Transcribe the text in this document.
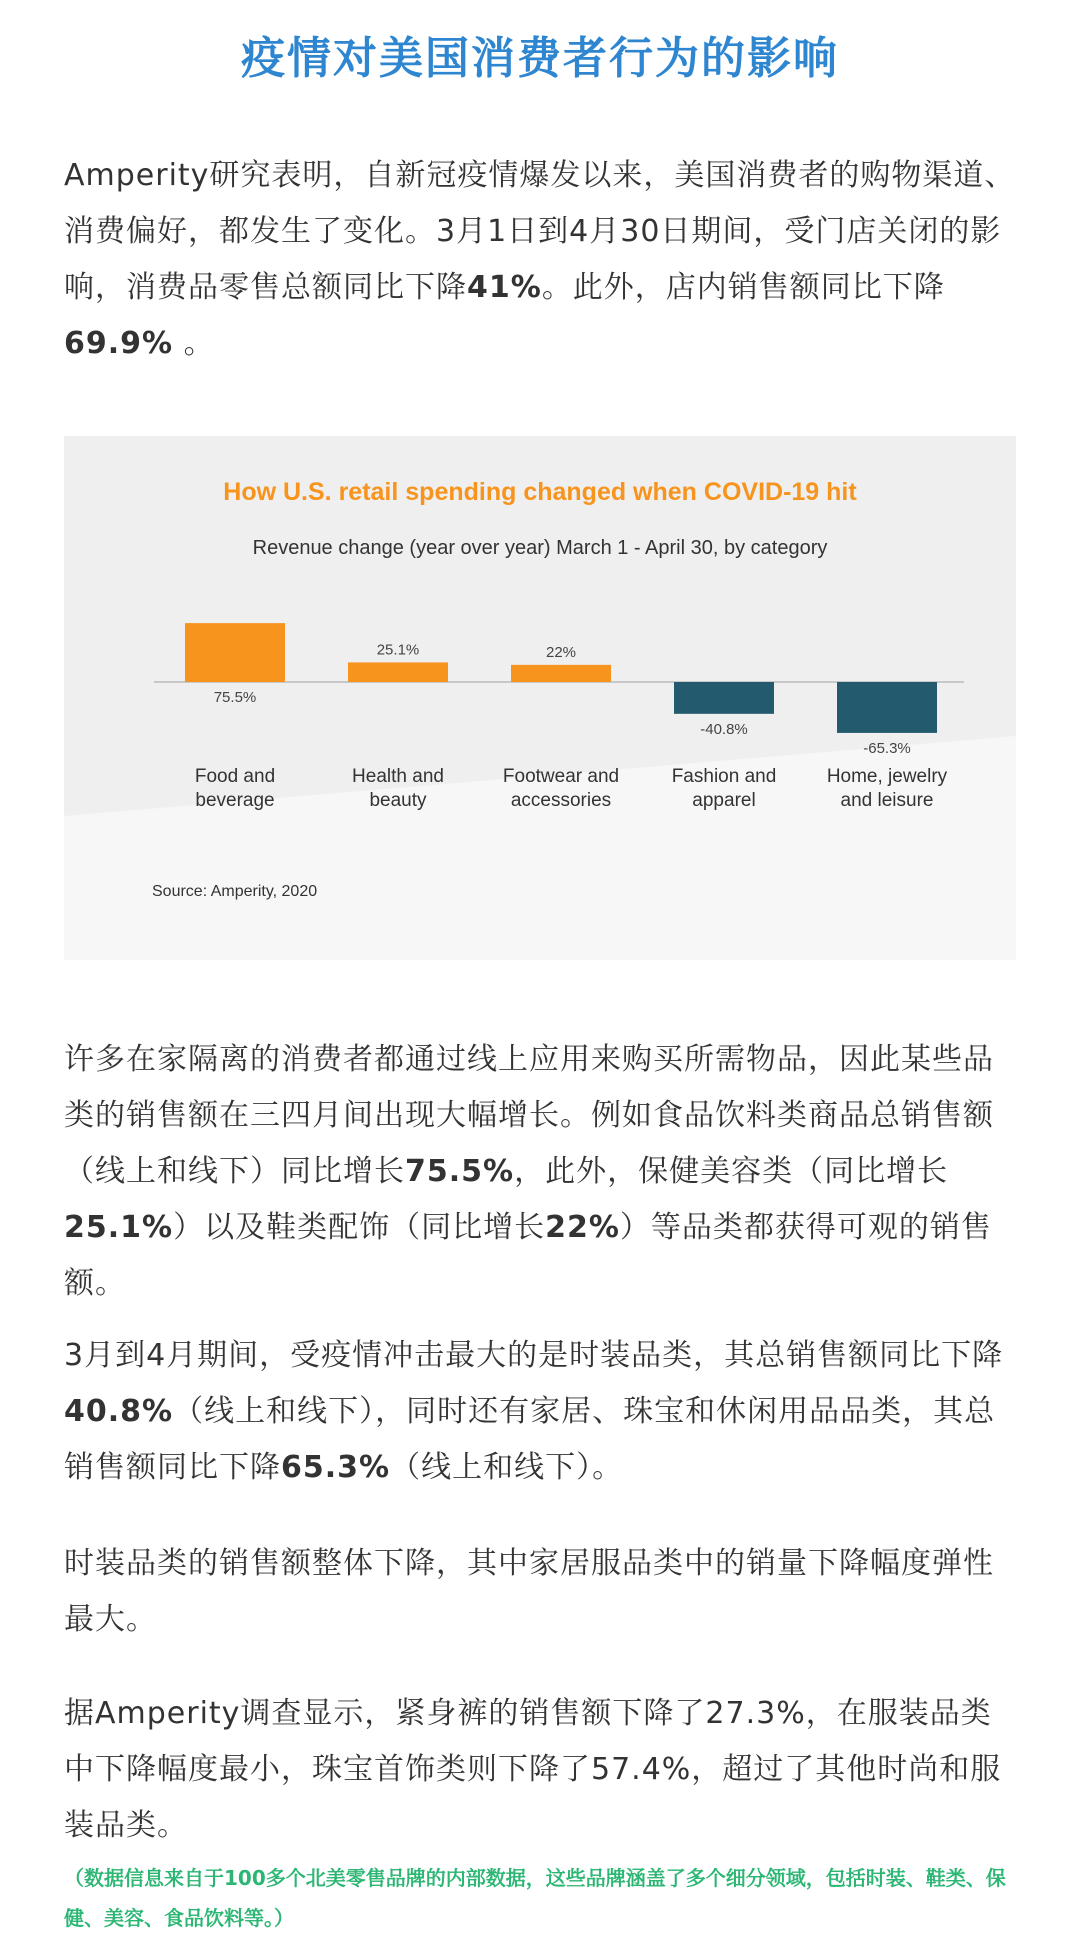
疫情对美国消费者行为的影响

Amperity研究表明，自新冠疫情爆发以来，美国消费者的购物渠道、消费偏好，都发生了变化。3月1日到4月30日期间，受门店关闭的影响，消费品零售总额同比下降41%。此外，店内销售额同比下降69.9% 。

How U.S. retail spending changed when COVID-19 hit
Revenue change (year over year) March 1 - April 30, by category
75.5%
Food and
beverage
25.1%
Health and
beauty
22%
Footwear and
accessories
-40.8%
Fashion and
apparel
-65.3%
Home, jewelry
and leisure
Source: Amperity, 2020

许多在家隔离的消费者都通过线上应用来购买所需物品，因此某些品类的销售额在三四月间出现大幅增长。例如食品饮料类商品总销售额（线上和线下）同比增长75.5%，此外，保健美容类（同比增长25.1%）以及鞋类配饰（同比增长22%）等品类都获得可观的销售额。

3月到4月期间，受疫情冲击最大的是时装品类，其总销售额同比下降40.8%（线上和线下），同时还有家居、珠宝和休闲用品品类，其总销售额同比下降65.3%（线上和线下）。

时装品类的销售额整体下降，其中家居服品类中的销量下降幅度弹性最大。

据Amperity调查显示，紧身裤的销售额下降了27.3%，在服装品类中下降幅度最小，珠宝首饰类则下降了57.4%，超过了其他时尚和服装品类。

（数据信息来自于100多个北美零售品牌的内部数据，这些品牌涵盖了多个细分领域，包括时装、鞋类、保健、美容、食品饮料等。）
